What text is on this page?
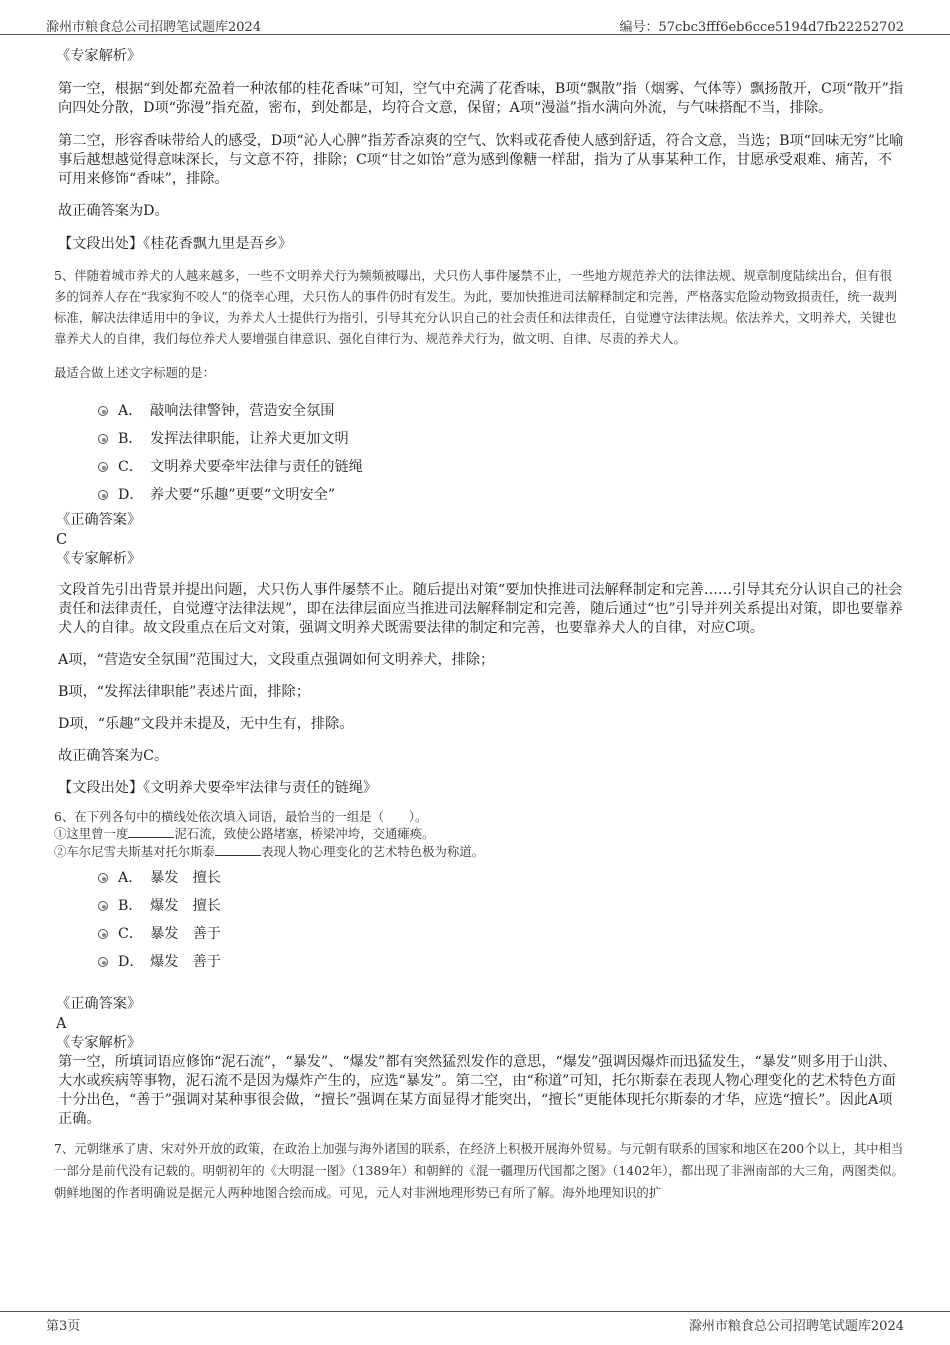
滁州市粮食总公司招聘笔试题库2024	编号：57cbc3fff6eb6cce5194d7fb22252702

《专家解析》

第一空，根据“到处都充盈着一种浓郁的桂花香味”可知，空气中充满了花香味，B项“飘散”指（烟雾、气体等）飘扬散开，C项“散开”指向四处分散，D项“弥漫”指充盈，密布，到处都是，均符合文意，保留；A项“漫溢”指水满向外流，与气味搭配不当，排除。

第二空，形容香味带给人的感受，D项“沁人心脾”指芳香凉爽的空气、饮料或花香使人感到舒适，符合文意，当选；B项“回味无穷”比喻事后越想越觉得意味深长，与文意不符，排除；C项“甘之如饴”意为感到像糖一样甜，指为了从事某种工作，甘愿承受艰难、痛苦，不可用来修饰“香味”，排除。

故正确答案为D。

【文段出处】《桂花香飘九里是吾乡》

5、伴随着城市养犬的人越来越多，一些不文明养犬行为频频被曝出，犬只伤人事件屡禁不止，一些地方规范养犬的法律法规、规章制度陆续出台，但有很多的饲养人存在“我家狗不咬人”的侥幸心理，犬只伤人的事件仍时有发生。为此，要加快推进司法解释制定和完善，严格落实危险动物致损责任，统一裁判标准，解决法律适用中的争议，为养犬人士提供行为指引，引导其充分认识自己的社会责任和法律责任，自觉遵守法律法规。依法养犬，文明养犬，关键也靠养犬人的自律，我们每位养犬人要增强自律意识、强化自律行为、规范养犬行为，做文明、自律、尽责的养犬人。

最适合做上述文字标题的是：

A． 敲响法律警钟，营造安全氛围
B． 发挥法律职能，让养犬更加文明
C． 文明养犬要牵牢法律与责任的链绳
D． 养犬要“乐趣”更要“文明安全”

《正确答案》

C

《专家解析》

文段首先引出背景并提出问题，犬只伤人事件屡禁不止。随后提出对策“要加快推进司法解释制定和完善……引导其充分认识自己的社会责任和法律责任，自觉遵守法律法规”，即在法律层面应当推进司法解释制定和完善，随后通过“也”引导并列关系提出对策，即也要靠养犬人的自律。故文段重点在后文对策，强调文明养犬既需要法律的制定和完善，也要靠养犬人的自律，对应C项。

A项，“营造安全氛围”范围过大，文段重点强调如何文明养犬，排除；

B项，“发挥法律职能”表述片面，排除；

D项，“乐趣”文段并未提及，无中生有，排除。

故正确答案为C。

【文段出处】《文明养犬要牵牢法律与责任的链绳》

6、在下列各句中的横线处依次填入词语，最恰当的一组是（　　）。

①这里曾一度	泥石流，致使公路堵塞，桥梁冲垮，交通瘫痪。

②车尔尼雪夫斯基对托尔斯泰	表现人物心理变化的艺术特色极为称道。

A． 暴发　擅长
B． 爆发　擅长
C． 暴发　善于
D． 爆发　善于

《正确答案》

A

《专家解析》

第一空，所填词语应修饰“泥石流”，“暴发”、“爆发”都有突然猛烈发作的意思，“爆发”强调因爆炸而迅猛发生，“暴发”则多用于山洪、大水或疾病等事物，泥石流不是因为爆炸产生的，应选“暴发”。第二空，由“称道”可知，托尔斯泰在表现人物心理变化的艺术特色方面十分出色，“善于”强调对某种事很会做，“擅长”强调在某方面显得才能突出，“擅长”更能体现托尔斯泰的才华，应选“擅长”。因此A项正确。

7、元朝继承了唐、宋对外开放的政策，在政治上加强与海外诸国的联系，在经济上积极开展海外贸易。与元朝有联系的国家和地区在200个以上，其中相当一部分是前代没有记载的。明朝初年的《大明混一图》（1389年）和朝鲜的《混一疆理历代国都之图》（1402年），都出现了非洲南部的大三角，两图类似。朝鲜地图的作者明确说是据元人两种地图合绘而成。可见，元人对非洲地理形势已有所了解。海外地理知识的扩

第3页	滁州市粮食总公司招聘笔试题库2024
